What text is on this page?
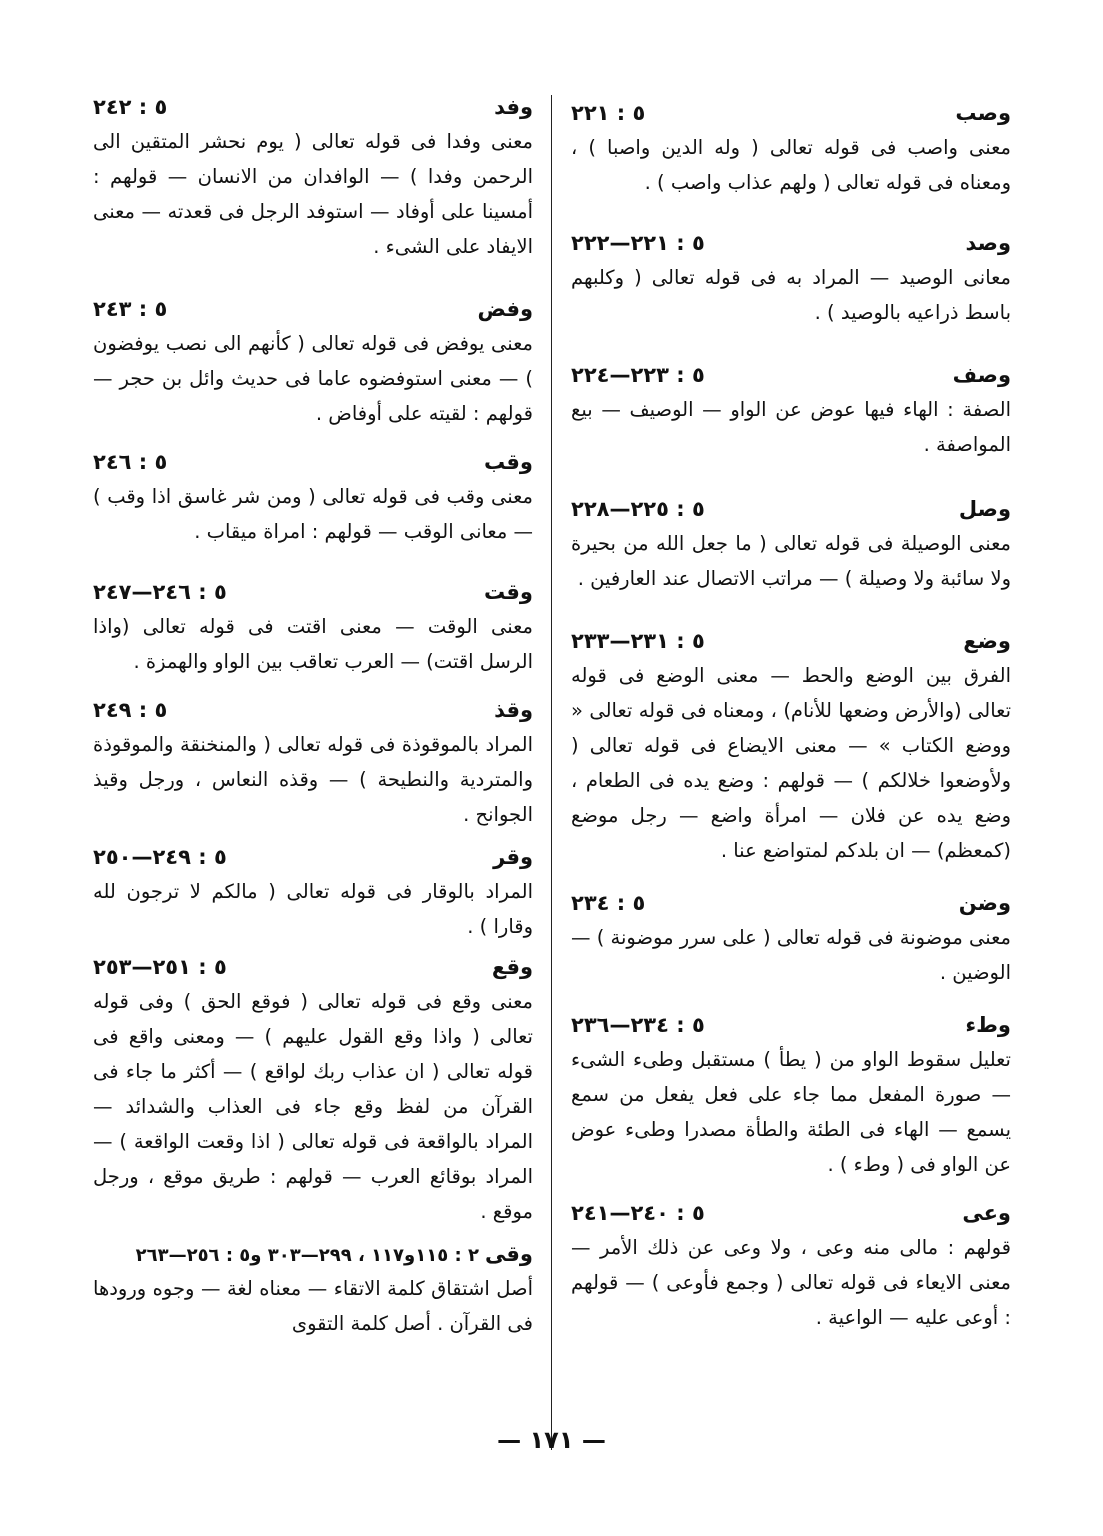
وصب
٥ : ٢٢١

معنى واصب فى قوله تعالى ( وله الدين واصبا ) ، ومعناه فى قوله تعالى ( ولهم عذاب واصب ) .

وصد
٥ : ٢٢١—٢٢٢

معانى الوصيد — المراد به فى قوله تعالى ( وكلبهم باسط ذراعيه بالوصيد ) .

وصف
٥ : ٢٢٣—٢٢٤

الصفة : الهاء فيها عوض عن الواو — الوصيف — بيع المواصفة .

وصل
٥ : ٢٢٥—٢٢٨

معنى الوصيلة فى قوله تعالى ( ما جعل الله من بحيرة ولا سائبة ولا وصيلة ) — مراتب الاتصال عند العارفين .

وضع
٥ : ٢٣١—٢٣٣

الفرق بين الوضع والحط — معنى الوضع فى قوله تعالى (والأرض وضعها للأنام) ، ومعناه فى قوله تعالى « ووضع الكتاب » — معنى الايضاع فى قوله تعالى ( ولأوضعوا خلالكم ) — قولهم : وضع يده فى الطعام ، وضع يده عن فلان — امرأة واضع — رجل موضع (كمعظم) — ان بلدكم لمتواضع عنا .

وضن
٥ : ٢٣٤

معنى موضونة فى قوله تعالى ( على سرر موضونة ) — الوضين .

وطء
٥ : ٢٣٤—٢٣٦

تعليل سقوط الواو من ( يطأ ) مستقبل وطىء الشىء — صورة المفعل مما جاء على فعل يفعل من سمع يسمع — الهاء فى الطئة والطأة مصدرا وطىء عوض عن الواو فى ( وطء ) .

وعى
٥ : ٢٤٠—٢٤١

قولهم : مالى منه وعى ، ولا وعى عن ذلك الأمر — معنى الايعاء فى قوله تعالى ( وجمع فأوعى ) — قولهم : أوعى عليه — الواعية .

وفد
٥ : ٢٤٢

معنى وفدا فى قوله تعالى ( يوم نحشر المتقين الى الرحمن وفدا ) — الوافدان من الانسان — قولهم : أمسينا على أوفاد — استوفد الرجل فى قعدته — معنى الايفاد على الشىء .

وفض
٥ : ٢٤٣

معنى يوفض فى قوله تعالى ( كأنهم الى نصب يوفضون ) — معنى استوفضوه عاما فى حديث وائل بن حجر — قولهم : لقيته على أوفاض .

وقب
٥ : ٢٤٦

معنى وقب فى قوله تعالى ( ومن شر غاسق اذا وقب ) — معانى الوقب — قولهم : امراة ميقاب .

وقت
٥ : ٢٤٦—٢٤٧

معنى الوقت — معنى اقتت فى قوله تعالى (واذا الرسل اقتت) — العرب تعاقب بين الواو والهمزة .

وقذ
٥ : ٢٤٩

المراد بالموقوذة فى قوله تعالى ( والمنخنقة والموقوذة والمتردية والنطيحة ) — وقذه النعاس ، ورجل وقيذ الجوانح .

وقر
٥ : ٢٤٩—٢٥٠

المراد بالوقار فى قوله تعالى ( مالكم لا ترجون لله وقارا ) .

وقع
٥ : ٢٥١—٢٥٣

معنى وقع فى قوله تعالى ( فوقع الحق ) وفى قوله تعالى ( واذا وقع القول عليهم ) — ومعنى واقع فى قوله تعالى ( ان عذاب ربك لواقع ) — أكثر ما جاء فى القرآن من لفظ وقع جاء فى العذاب والشدائد — المراد بالواقعة فى قوله تعالى ( اذا وقعت الواقعة ) — المراد بوقائع العرب — قولهم : طريق موقع ، ورجل موقع .

وقى٢ : ١١٥و١١٧ ، ٢٩٩—٣٠٣ و٥ : ٢٥٦—٢٦٣

أصل اشتقاق كلمة الاتقاء — معناه لغة — وجوه ورودها فى القرآن . أصل كلمة التقوى

— ١٧١ —
